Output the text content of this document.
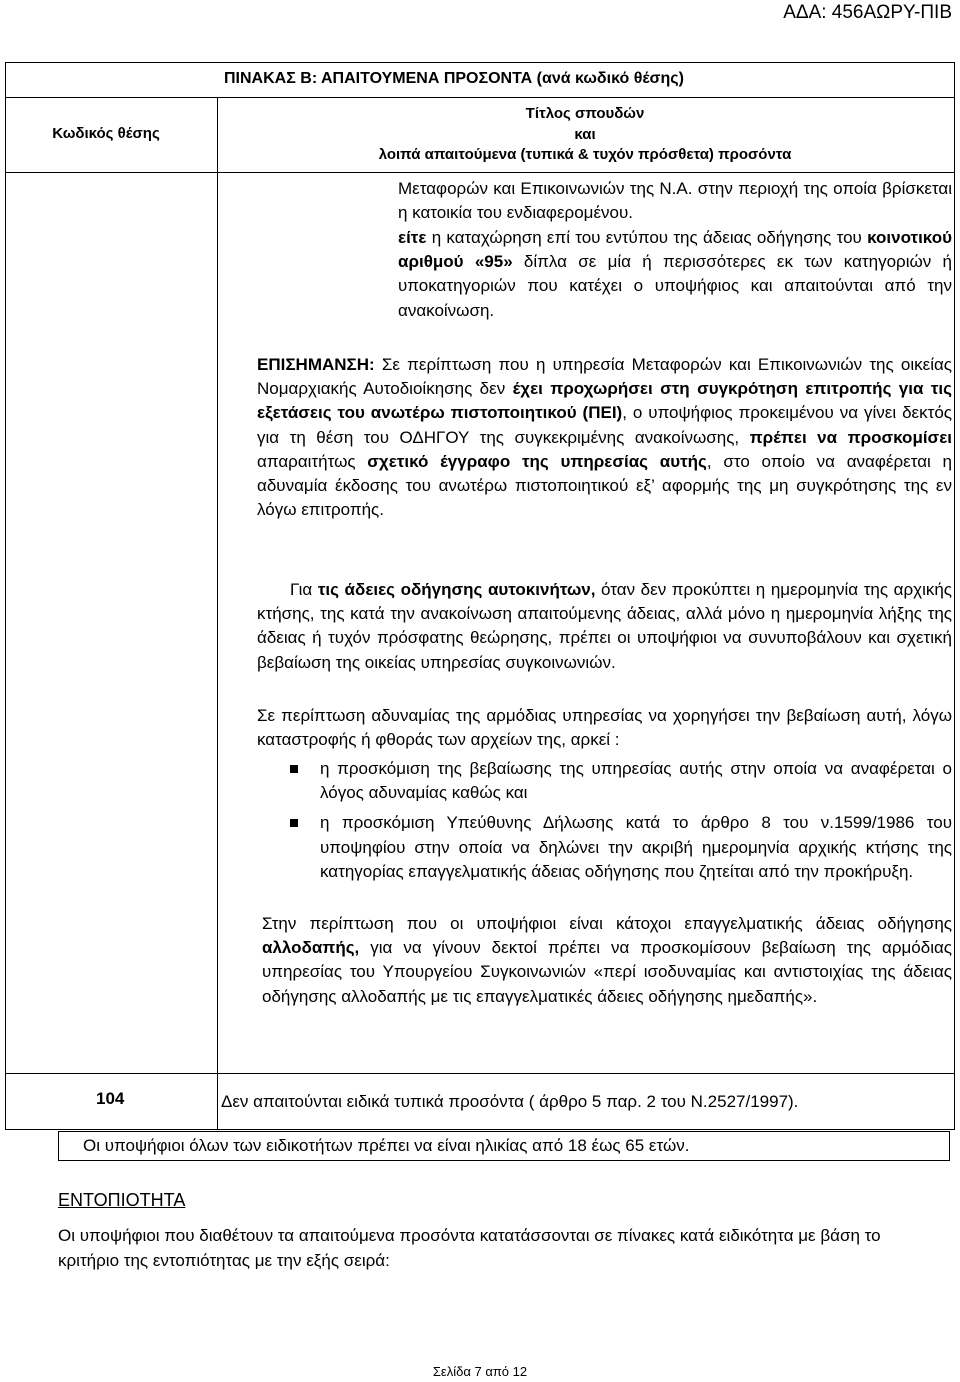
ΑΔΑ: 456ΑΩΡΥ-ΠΙΒ
ΠΙΝΑΚΑΣ Β: ΑΠΑΙΤΟΥΜΕΝΑ ΠΡΟΣΟΝΤΑ (ανά κωδικό θέσης)
Κωδικός θέσης
Τίτλος σπουδών
και
λοιπά απαιτούμενα (τυπικά & τυχόν πρόσθετα) προσόντα

Μεταφορών και Επικοινωνιών της Ν.Α. στην περιοχή της οποία βρίσκεται η κατοικία του ενδιαφερομένου.

είτε η καταχώρηση επί του εντύπου της άδειας οδήγησης του κοινοτικού αριθμού «95» δίπλα σε μία ή περισσότερες εκ των κατηγοριών ή υποκατηγοριών που κατέχει ο υποψήφιος και απαιτούνται από την ανακοίνωση.

ΕΠΙΣΗΜΑΝΣΗ: Σε περίπτωση που η υπηρεσία Μεταφορών και Επικοινωνιών της οικείας Νομαρχιακής Αυτοδιοίκησης δεν έχει προχωρήσει στη συγκρότηση επιτροπής για τις εξετάσεις του ανωτέρω πιστοποιητικού (ΠΕΙ), ο υποψήφιος προκειμένου να γίνει δεκτός για τη θέση του ΟΔΗΓΟΥ της συγκεκριμένης ανακοίνωσης, πρέπει να προσκομίσει απαραιτήτως σχετικό έγγραφο της υπηρεσίας αυτής, στο οποίο να αναφέρεται η αδυναμία έκδοσης του ανωτέρω πιστοποιητικού εξ’ αφορμής της μη συγκρότησης της εν λόγω επιτροπής.

Για τις άδειες οδήγησης αυτοκινήτων, όταν δεν προκύπτει η ημερομηνία της αρχικής κτήσης, της κατά την ανακοίνωση απαιτούμενης άδειας, αλλά μόνο η ημερομηνία λήξης της άδειας ή τυχόν πρόσφατης θεώρησης, πρέπει οι υποψήφιοι να συνυποβάλουν και σχετική βεβαίωση της οικείας υπηρεσίας συγκοινωνιών.

Σε περίπτωση αδυναμίας της αρμόδιας υπηρεσίας να χορηγήσει την βεβαίωση αυτή, λόγω καταστροφής ή φθοράς των αρχείων της, αρκεί :

η προσκόμιση της βεβαίωσης της υπηρεσίας αυτής στην οποία να αναφέρεται ο λόγος αδυναμίας καθώς και
η προσκόμιση Υπεύθυνης Δήλωσης κατά το άρθρο 8 του ν.1599/1986 του υποψηφίου στην οποία να δηλώνει την ακριβή ημερομηνία αρχικής κτήσης της κατηγορίας επαγγελματικής άδειας οδήγησης που ζητείται από την προκήρυξη.

Στην περίπτωση που οι υποψήφιοι είναι κάτοχοι επαγγελματικής άδειας οδήγησης αλλοδαπής, για να γίνουν δεκτοί πρέπει να προσκομίσουν βεβαίωση της αρμόδιας υπηρεσίας του Υπουργείου Συγκοινωνιών «περί ισοδυναμίας και αντιστοιχίας της άδειας οδήγησης αλλοδαπής με τις επαγγελματικές άδειες οδήγησης ημεδαπής».

104	Δεν απαιτούνται ειδικά τυπικά προσόντα ( άρθρο 5 παρ. 2 του Ν.2527/1997).
Οι υποψήφιοι όλων των ειδικοτήτων πρέπει να είναι ηλικίας από 18 έως 65 ετών.
ΕΝΤΟΠΙΟΤΗΤΑ
Οι υποψήφιοι που διαθέτουν τα απαιτούμενα προσόντα κατατάσσονται σε πίνακες κατά ειδικότητα με βάση το κριτήριο της εντοπιότητας με την εξής σειρά:
Σελίδα 7 από 12
